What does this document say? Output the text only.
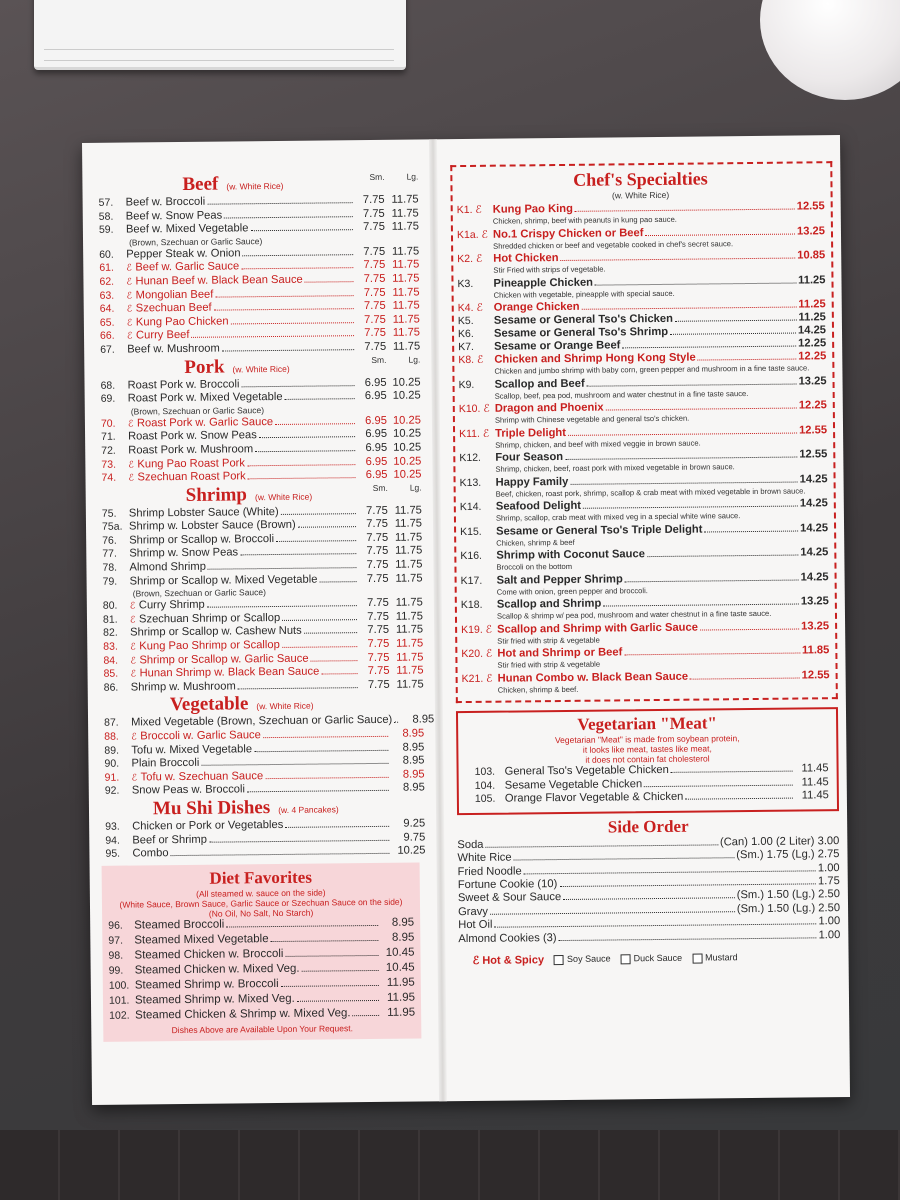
Beef (w. White Rice)
Sm.	Lg.
57.	Beef w. Broccoli	7.75 11.75
58.	Beef w. Snow Peas	7.75 11.75
59.	Beef w. Mixed Vegetable	7.75 11.75
(Brown, Szechuan or Garlic Sauce)
60.	Pepper Steak w. Onion	7.75 11.75
61.	ℰ Beef w. Garlic Sauce	7.75 11.75
62.	ℰ Hunan Beef w. Black Bean Sauce	7.75 11.75
63.	ℰ Mongolian Beef	7.75 11.75
64.	ℰ Szechuan Beef	7.75 11.75
65.	ℰ Kung Pao Chicken	7.75 11.75
66.	ℰ Curry Beef	7.75 11.75
67.	Beef w. Mushroom	7.75 11.75
Pork (w. White Rice)
Sm.	Lg.
68.	Roast Pork w. Broccoli	6.95 10.25
69.	Roast Pork w. Mixed Vegetable	6.95 10.25
(Brown, Szechuan or Garlic Sauce)
70.	ℰ Roast Pork w. Garlic Sauce	6.95 10.25
71.	Roast Pork w. Snow Peas	6.95 10.25
72.	Roast Pork w. Mushroom	6.95 10.25
73.	ℰ Kung Pao Roast Pork	6.95 10.25
74.	ℰ Szechuan Roast Pork	6.95 10.25
Shrimp (w. White Rice)
Sm.	Lg.
75.	Shrimp Lobster Sauce (White)	7.75 11.75
75a. Shrimp w. Lobster Sauce (Brown)	7.75 11.75
76.	Shrimp or Scallop w. Broccoli	7.75 11.75
77.	Shrimp w. Snow Peas	7.75 11.75
78.	Almond Shrimp	7.75 11.75
79.	Shrimp or Scallop w. Mixed Vegetable	7.75 11.75
(Brown, Szechuan or Garlic Sauce)
80.	ℰ Curry Shrimp	7.75 11.75
81.	ℰ Szechuan Shrimp or Scallop	7.75 11.75
82.	Shrimp or Scallop w. Cashew Nuts	7.75 11.75
83.	ℰ Kung Pao Shrimp or Scallop	7.75 11.75
84.	ℰ Shrimp or Scallop w. Garlic Sauce	7.75 11.75
85.	ℰ Hunan Shrimp w. Black Bean Sauce	7.75 11.75
86.	Shrimp w. Mushroom	7.75 11.75
Vegetable (w. White Rice)
87.	Mixed Vegetable (Brown, Szechuan or Garlic Sauce)	8.95
88.	ℰ Broccoli w. Garlic Sauce	8.95
89.	Tofu w. Mixed Vegetable	8.95
90.	Plain Broccoli	8.95
91.	ℰ Tofu w. Szechuan Sauce	8.95
92.	Snow Peas w. Broccoli	8.95
Mu Shi Dishes (w. 4 Pancakes)
93.	Chicken or Pork or Vegetables	9.25
94.	Beef or Shrimp	9.75
95.	Combo	10.25
Diet Favorites
(All steamed w. sauce on the side)
(White Sauce, Brown Sauce, Garlic Sauce or Szechuan Sauce on the side)
(No Oil, No Salt, No Starch)
96. Steamed Broccoli	8.95
97. Steamed Mixed Vegetable	8.95
98. Steamed Chicken w. Broccoli	10.45
99. Steamed Chicken w. Mixed Veg.	10.45
100. Steamed Shrimp w. Broccoli	11.95
101. Steamed Shrimp w. Mixed Veg.	11.95
102. Steamed Chicken & Shrimp w. Mixed Veg.	11.95
Dishes Above are Available Upon Your Request.
Chef's Specialties
(w. White Rice)
K1. ℰ Kung Pao King	12.55
Chicken, shrimp, beef with peanuts in kung pao sauce.
K1a. ℰ No.1 Crispy Chicken or Beef	13.25
Shredded chicken or beef and vegetable cooked in chef's secret sauce.
K2. ℰ Hot Chicken	10.85
Stir Fried with strips of vegetable.
K3.	Pineapple Chicken	11.25
Chicken with vegetable, pineapple with special sauce.
K4. ℰ Orange Chicken	11.25
K5.	Sesame or General Tso's Chicken	11.25
K6.	Sesame or General Tso's Shrimp	14.25
K7.	Sesame or Orange Beef	12.25
K8. ℰ Chicken and Shrimp Hong Kong Style	12.25
Chicken and jumbo shrimp with baby corn, green pepper and mushroom in a fine taste sauce.
K9.	Scallop and Beef	13.25
Scallop, beef, pea pod, mushroom and water chestnut in a fine taste sauce.
K10. ℰ Dragon and Phoenix	12.25
Shrimp with Chinese vegetable and general tso's chicken.
K11. ℰ Triple Delight	12.55
Shrimp, chicken, and beef with mixed veggie in brown sauce.
K12.	Four Season	12.55
Shrimp, chicken, beef, roast pork with mixed vegetable in brown sauce.
K13.	Happy Family	14.25
Beef, chicken, roast pork, shrimp, scallop & crab meat with mixed vegetable in brown sauce.
K14.	Seafood Delight	14.25
Shrimp, scallop, crab meat with mixed veg in a special white wine sauce.
K15.	Sesame or General Tso's Triple Delight	14.25
Chicken, shrimp & beef
K16.	Shrimp with Coconut Sauce	14.25
Broccoli on the bottom
K17.	Salt and Pepper Shrimp	14.25
Come with onion, green pepper and broccoli.
K18.	Scallop and Shrimp	13.25
Scallop & shrimp w/ pea pod, mushroom and water chestnut in a fine taste sauce.
K19. ℰ Scallop and Shrimp with Garlic Sauce	13.25
Stir fried with strip & vegetable
K20. ℰ Hot and Shrimp or Beef	11.85
Stir fried with strip & vegetable
K21. ℰ Hunan Combo w. Black Bean Sauce	12.55
Chicken, shrimp & beef.
Vegetarian "Meat"
Vegetarian "Meat" is made from soybean protein,
it looks like meat, tastes like meat,
it does not contain fat cholesterol
103. General Tso's Vegetable Chicken	11.45
104. Sesame Vegetable Chicken	11.45
105. Orange Flavor Vegetable & Chicken	11.45
Side Order
Soda	(Can) 1.00 (2 Liter) 3.00
White Rice	(Sm.) 1.75 (Lg.) 2.75
Fried Noodle	1.00
Fortune Cookie (10)	1.75
Sweet & Sour Sauce	(Sm.) 1.50 (Lg.) 2.50
Gravy	(Sm.) 1.50 (Lg.) 2.50
Hot Oil	1.00
Almond Cookies (3)	1.00
ℰ Hot & Spicy	Soy Sauce	Duck Sauce	Mustard
